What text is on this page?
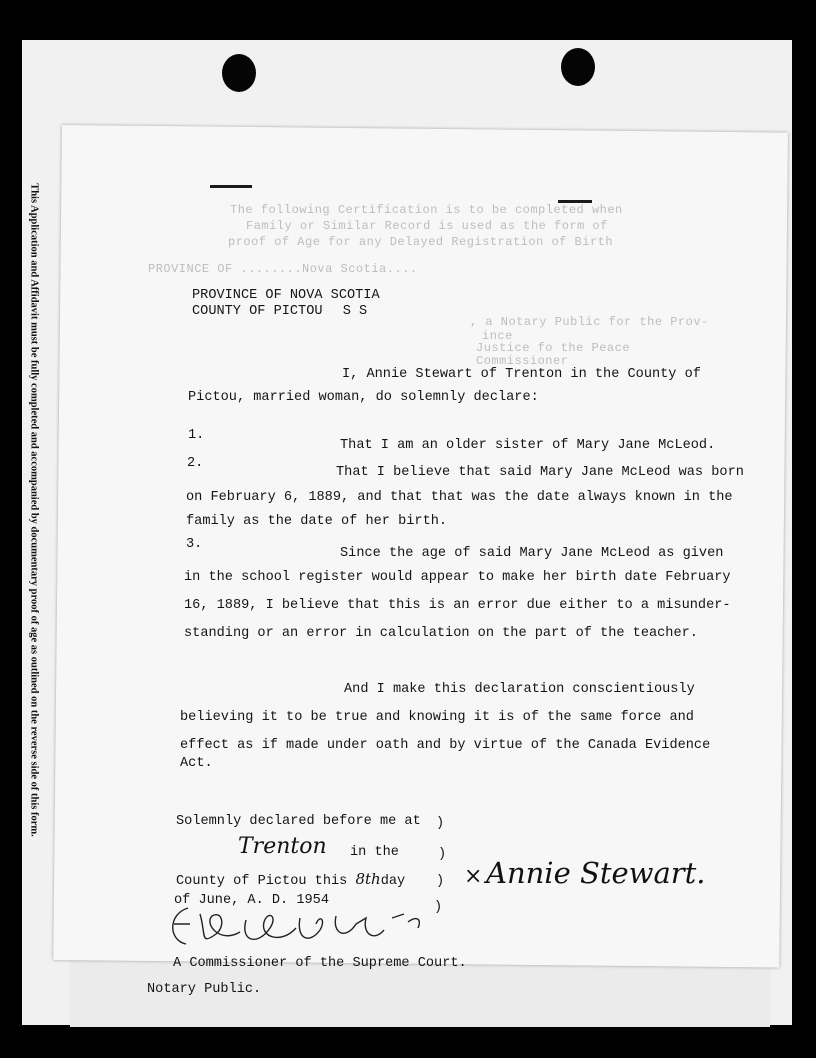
This Application and Affidavit must be fully completed and accompanied by documentary proof of age as outlined on the reverse side of this form.	The following Certification is to be completed when
Family or Similar Record is used as the form of
proof of Age for any Delayed Registration of Birth
PROVINCE OF ........Nova Scotia....
, a Notary Public for the Prov-
ince
Justice fo the Peace
Commissioner
PROVINCE OF NOVA SCOTIA
COUNTY OF PICTOU S S
I, Annie Stewart of Trenton in the County of
Pictou, married woman, do solemnly declare:
1.
That I am an older sister of Mary Jane McLeod.
2.
That I believe that said Mary Jane McLeod was born
on February 6, 1889, and that that was the date always known in the
family as the date of her birth.
3.
Since the age of said Mary Jane McLeod as given
in the school register would appear to make her birth date February
16, 1889, I believe that this is an error due either to a misunder-
standing or an error in calculation on the part of the teacher.
And I make this declaration conscientiously
believing it to be true and knowing it is of the same force and
effect as if made under oath and by virtue of the Canada Evidence
Act.
Solemnly declared before me at )
Trenton in the	)
County of Pictou this 8thday )
of June, A. D. 1954	)
× Annie Stewart.
A Commissioner of the Supreme Court.
Notary Public.
